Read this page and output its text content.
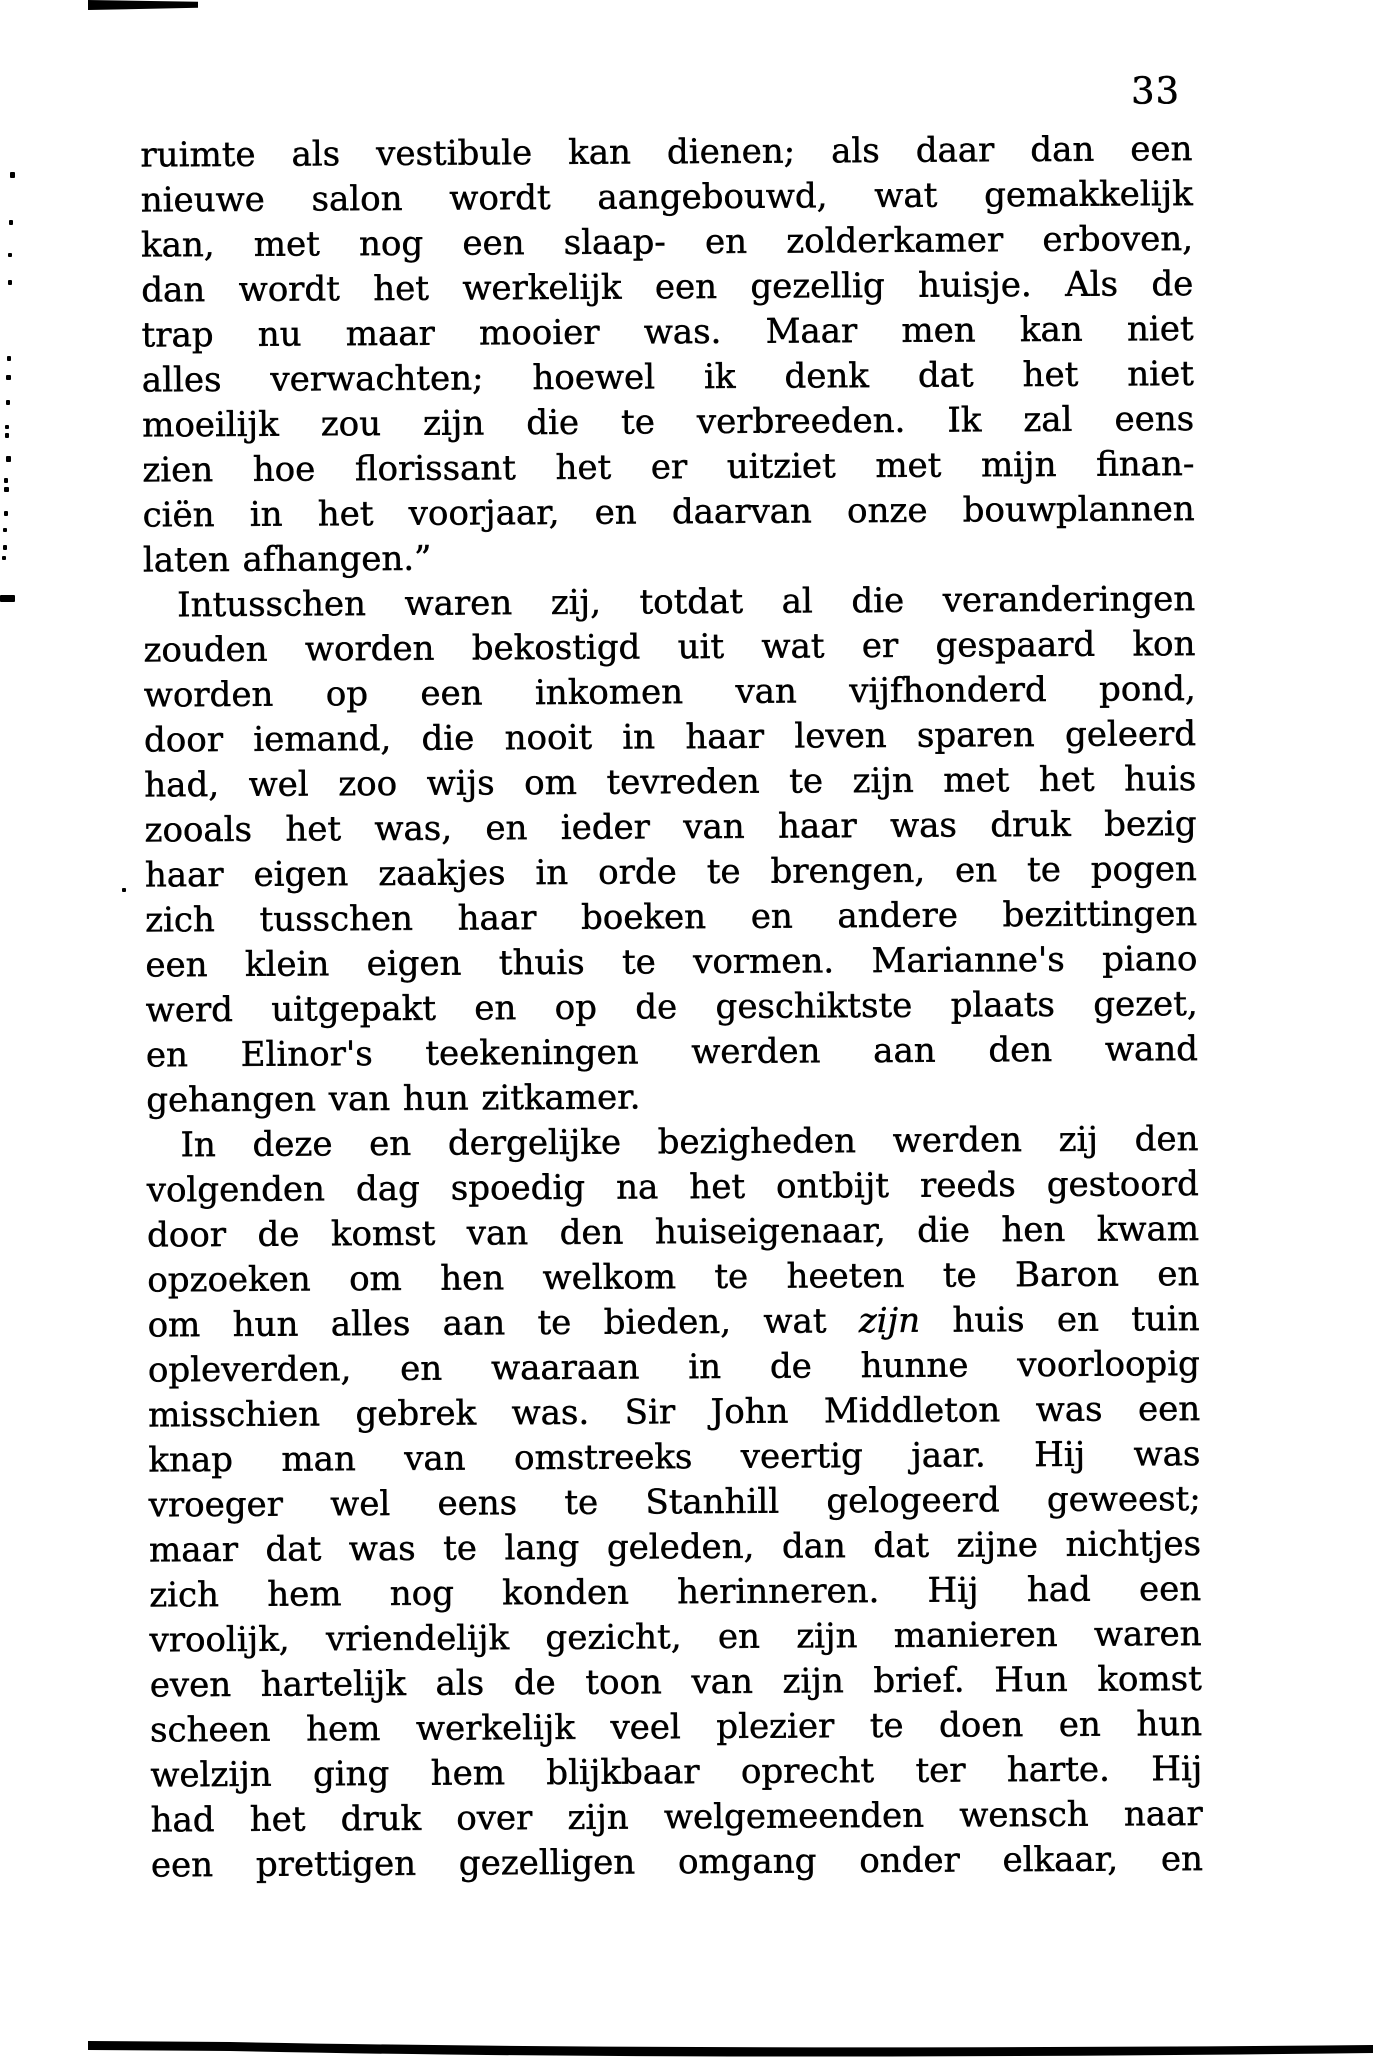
33
ruimte als vestibule kan dienen; als daar dan een
nieuwe salon wordt aangebouwd, wat gemakkelijk
kan, met nog een slaap- en zolderkamer erboven,
dan wordt het werkelijk een gezellig huisje. Als de
trap nu maar mooier was. Maar men kan niet
alles verwachten; hoewel ik denk dat het niet
moeilijk zou zijn die te verbreeden. Ik zal eens
zien hoe florissant het er uitziet met mijn finan-
ciën in het voorjaar, en daarvan onze bouwplannen
laten afhangen.”
Intusschen waren zij, totdat al die veranderingen
zouden worden bekostigd uit wat er gespaard kon
worden op een inkomen van vijfhonderd pond,
door iemand, die nooit in haar leven sparen geleerd
had, wel zoo wijs om tevreden te zijn met het huis
zooals het was, en ieder van haar was druk bezig
haar eigen zaakjes in orde te brengen, en te pogen
zich tusschen haar boeken en andere bezittingen
een klein eigen thuis te vormen. Marianne's piano
werd uitgepakt en op de geschiktste plaats gezet,
en Elinor's teekeningen werden aan den wand
gehangen van hun zitkamer.
In deze en dergelijke bezigheden werden zij den
volgenden dag spoedig na het ontbijt reeds gestoord
door de komst van den huiseigenaar, die hen kwam
opzoeken om hen welkom te heeten te Baron en
om hun alles aan te bieden, wat zijn huis en tuin
opleverden, en waaraan in de hunne voorloopig
misschien gebrek was. Sir John Middleton was een
knap man van omstreeks veertig jaar. Hij was
vroeger wel eens te Stanhill gelogeerd geweest;
maar dat was te lang geleden, dan dat zijne nichtjes
zich hem nog konden herinneren. Hij had een
vroolijk, vriendelijk gezicht, en zijn manieren waren
even hartelijk als de toon van zijn brief. Hun komst
scheen hem werkelijk veel plezier te doen en hun
welzijn ging hem blijkbaar oprecht ter harte. Hij
had het druk over zijn welgemeenden wensch naar
een prettigen gezelligen omgang onder elkaar, en
